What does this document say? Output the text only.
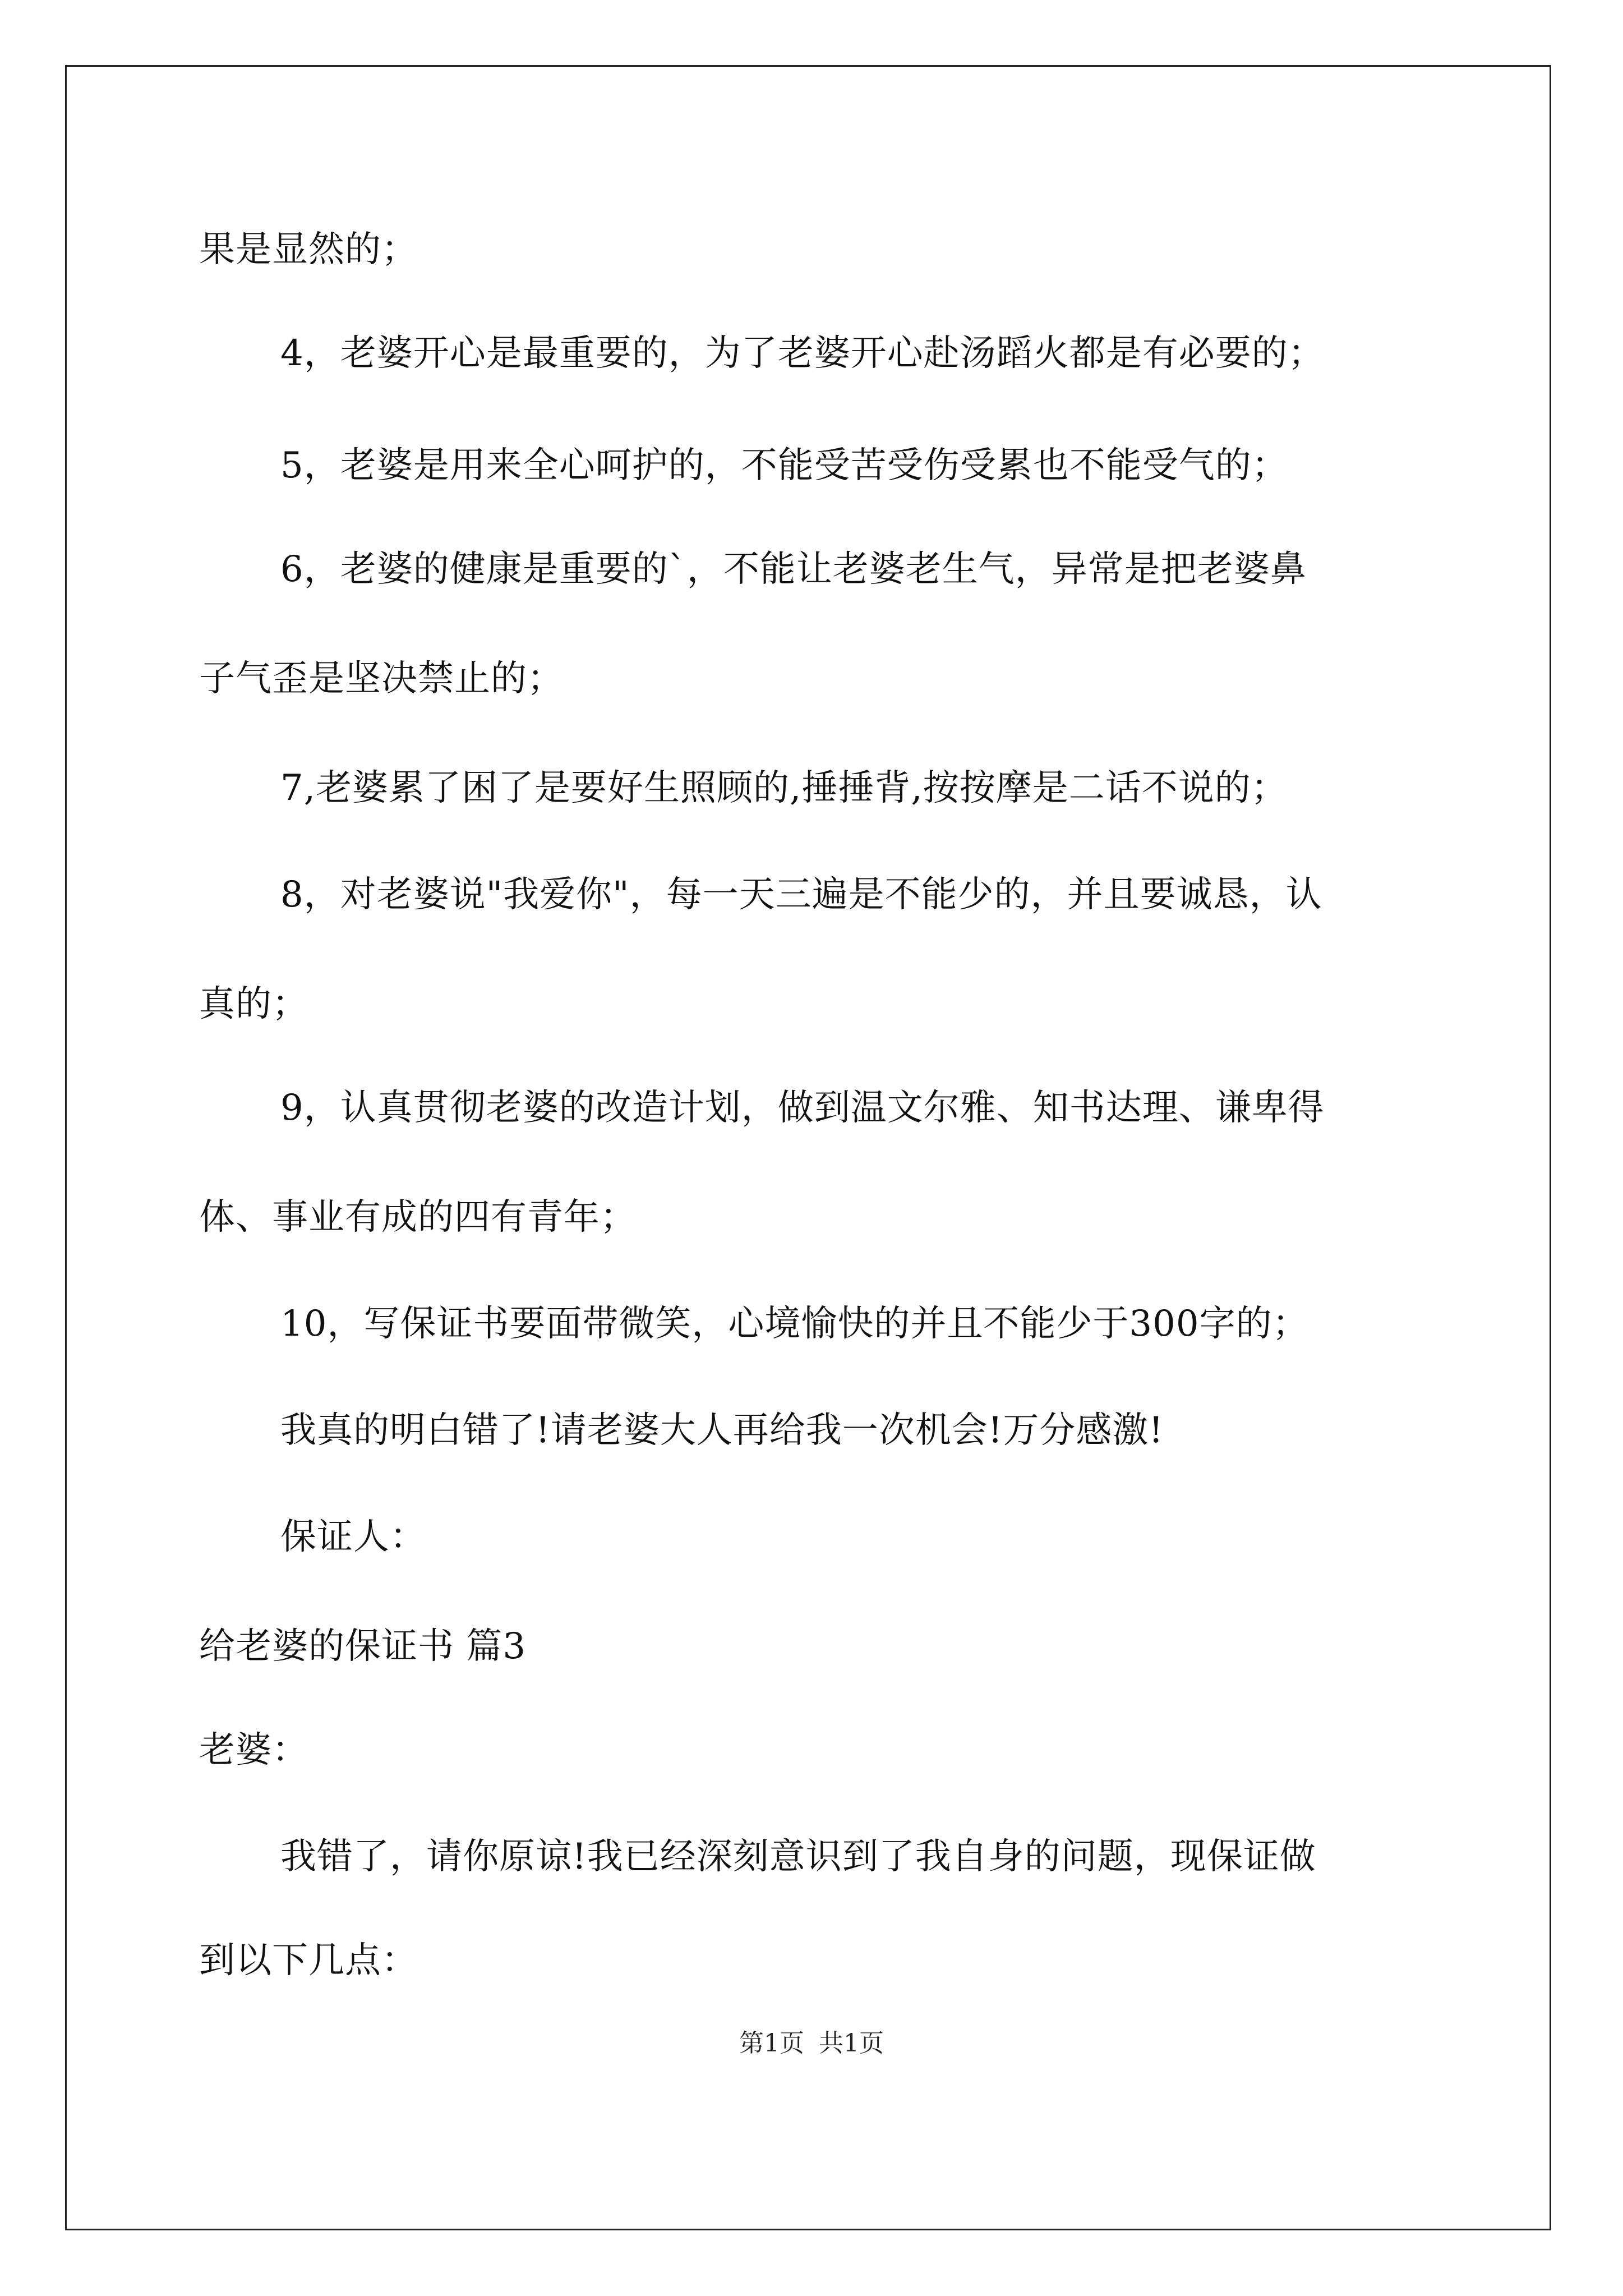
果是显然的；
4，老婆开心是最重要的，为了老婆开心赴汤蹈火都是有必要的；
5，老婆是用来全心呵护的，不能受苦受伤受累也不能受气的；
6，老婆的健康是重要的`，不能让老婆老生气，异常是把老婆鼻
子气歪是坚决禁止的；
7,老婆累了困了是要好生照顾的,捶捶背,按按摩是二话不说的；
8，对老婆说"我爱你"，每一天三遍是不能少的，并且要诚恳，认
真的；
9，认真贯彻老婆的改造计划，做到温文尔雅、知书达理、谦卑得
体、事业有成的四有青年；
10，写保证书要面带微笑，心境愉快的并且不能少于300字的；
我真的明白错了!请老婆大人再给我一次机会!万分感激!
保证人：
给老婆的保证书 篇3
老婆：
我错了，请你原谅!我已经深刻意识到了我自身的问题，现保证做
到以下几点：
第1页 共1页
